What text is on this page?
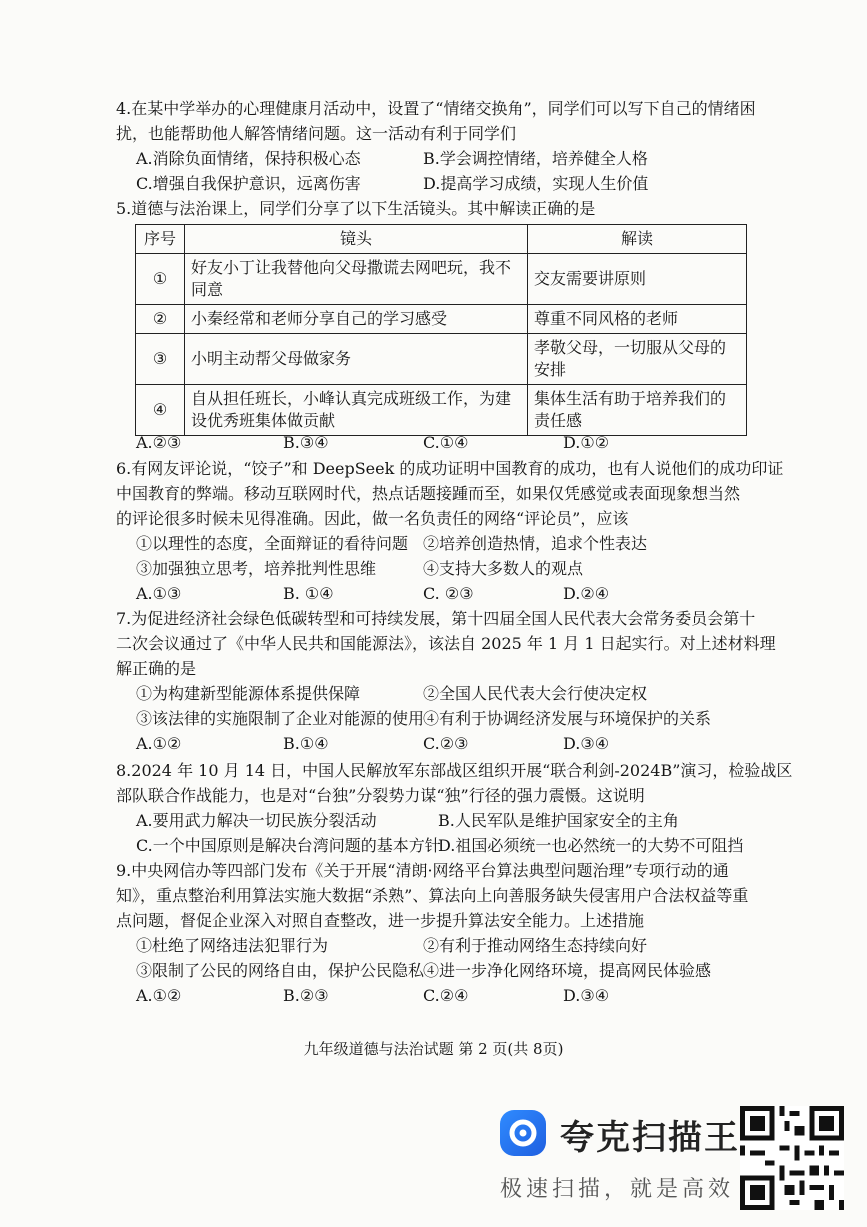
4.在某中学举办的心理健康月活动中，设置了“情绪交换角”，同学们可以写下自己的情绪困
扰，也能帮助他人解答情绪问题。这一活动有利于同学们
A.消除负面情绪，保持积极心态	B.学会调控情绪，培养健全人格
C.增强自我保护意识，远离伤害	D.提高学习成绩，实现人生价值
5.道德与法治课上，同学们分享了以下生活镜头。其中解读正确的是
序号	镜头	解读
①	好友小丁让我替他向父母撒谎去网吧玩，我不同意	交友需要讲原则
②	小秦经常和老师分享自己的学习感受	尊重不同风格的老师
③	小明主动帮父母做家务	孝敬父母，一切服从父母的安排
④	自从担任班长，小峰认真完成班级工作，为建设优秀班集体做贡献	集体生活有助于培养我们的责任感
A.②③	B.③④	C.①④	D.①②
6.有网友评论说，“饺子”和 DeepSeek 的成功证明中国教育的成功，也有人说他们的成功印证
中国教育的弊端。移动互联网时代，热点话题接踵而至，如果仅凭感觉或表面现象想当然
的评论很多时候未见得准确。因此，做一名负责任的网络“评论员”，应该
①以理性的态度，全面辩证的看待问题 ②培养创造热情，追求个性表达
③加强独立思考，培养批判性思维	④支持大多数人的观点
A.①③	B. ①④	C. ②③	D.②④
7.为促进经济社会绿色低碳转型和可持续发展，第十四届全国人民代表大会常务委员会第十
二次会议通过了《中华人民共和国能源法》，该法自 2025 年 1 月 1 日起实行。对上述材料理
解正确的是
①为构建新型能源体系提供保障	②全国人民代表大会行使决定权
③该法律的实施限制了企业对能源的使用
④有利于协调经济发展与环境保护的关系
A.①②	B.①④	C.②③	D.③④
8.2024 年 10 月 14 日，中国人民解放军东部战区组织开展“联合利剑-2024B”演习，检验战区
部队联合作战能力，也是对“台独”分裂势力谋“独”行径的强力震慑。这说明
A.要用武力解决一切民族分裂活动	B.人民军队是维护国家安全的主角
C.一个中国原则是解决台湾问题的基本方针
D.祖国必须统一也必然统一的大势不可阻挡
9.中央网信办等四部门发布《关于开展“清朗·网络平台算法典型问题治理”专项行动的通
知》，重点整治利用算法实施大数据“杀熟”、算法向上向善服务缺失侵害用户合法权益等重
点问题，督促企业深入对照自查整改，进一步提升算法安全能力。上述措施
①杜绝了网络违法犯罪行为	②有利于推动网络生态持续向好
③限制了公民的网络自由，保护公民隐私
④进一步净化网络环境，提高网民体验感
A.①②	B.②③	C.②④	D.③④
九年级道德与法治试题 第 2 页(共 8页)
夸克扫描王
极速扫描，就是高效
